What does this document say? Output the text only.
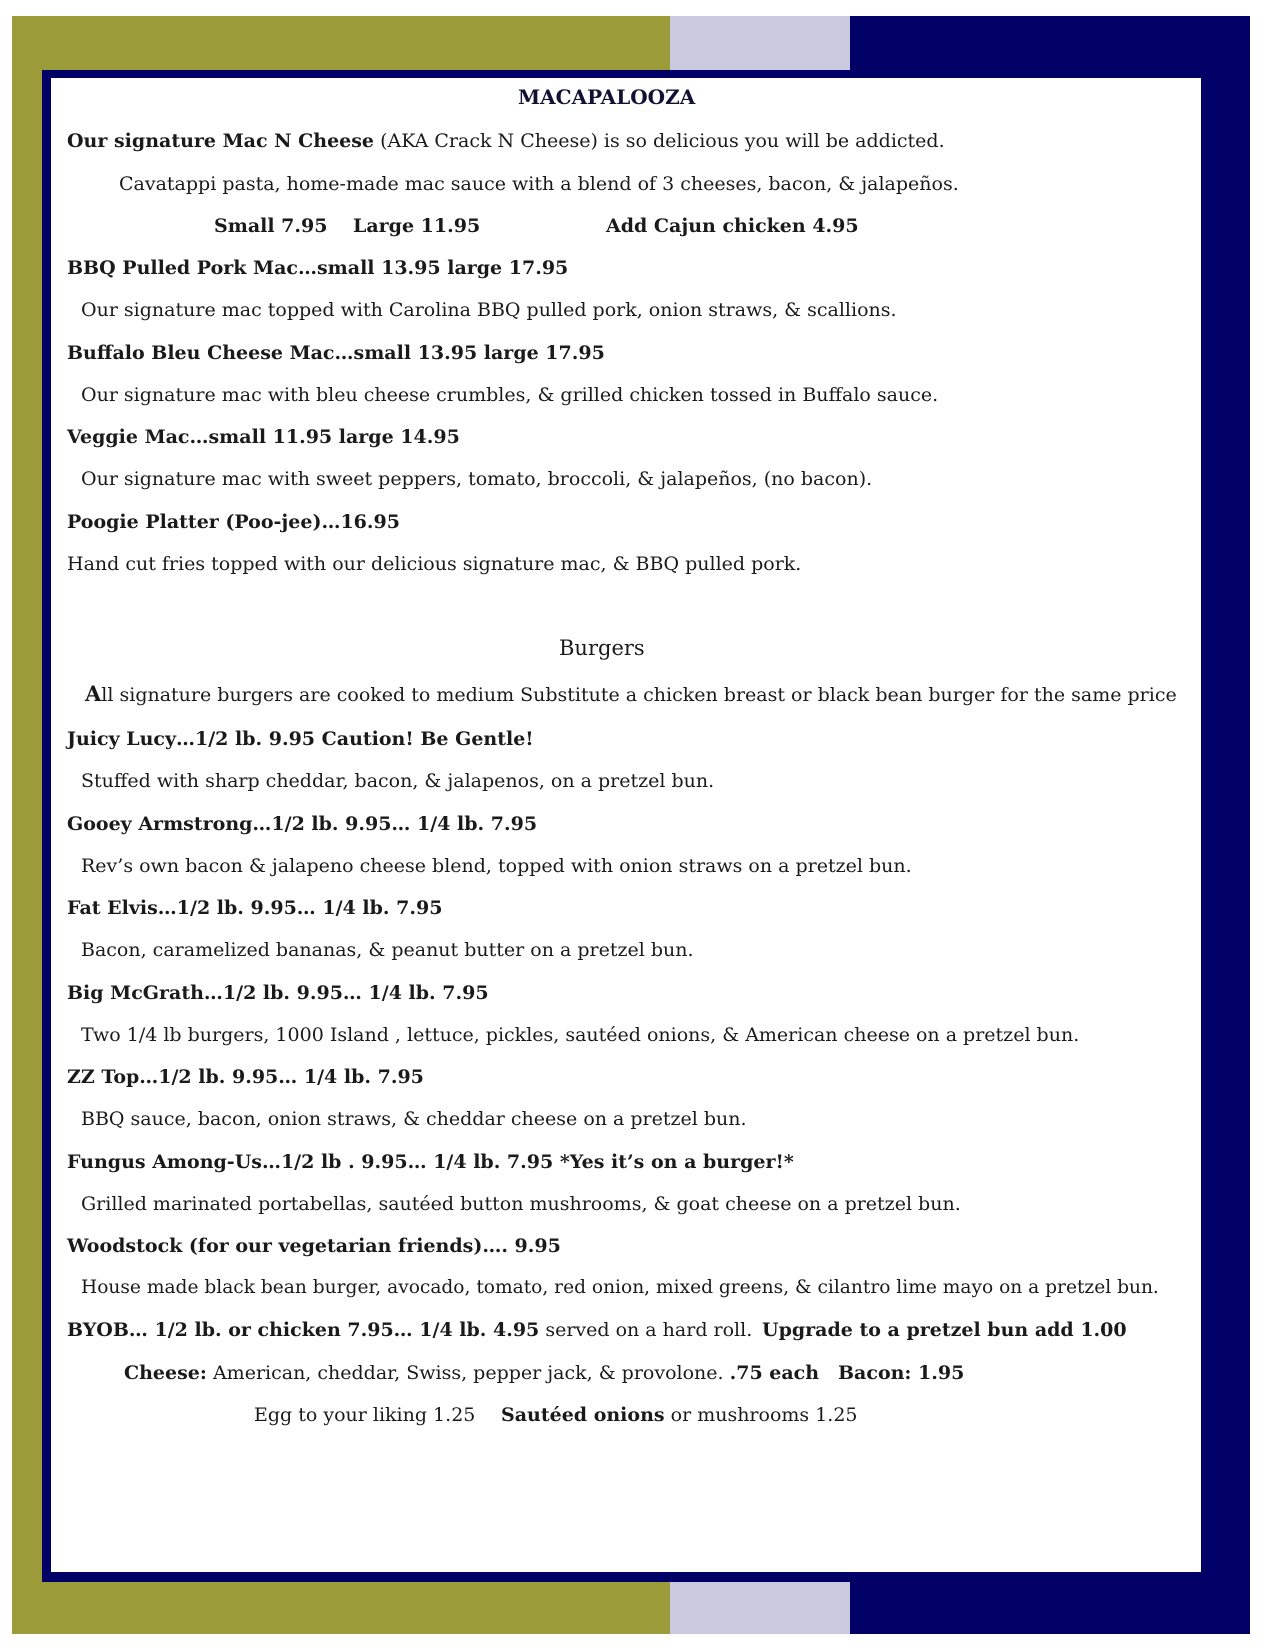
MACAPALOOZA
Our signature Mac N Cheese (AKA Crack N Cheese) is so delicious you will be addicted.
Cavatappi pasta, home-made mac sauce with a blend of 3 cheeses, bacon, & jalapeños.
Small 7.95 Large 11.95	Add Cajun chicken 4.95
BBQ Pulled Pork Mac…small 13.95 large 17.95
Our signature mac topped with Carolina BBQ pulled pork, onion straws, & scallions.
Buffalo Bleu Cheese Mac…small 13.95 large 17.95
Our signature mac with bleu cheese crumbles, & grilled chicken tossed in Buffalo sauce.
Veggie Mac…small 11.95 large 14.95
Our signature mac with sweet peppers, tomato, broccoli, & jalapeños, (no bacon).
Poogie Platter (Poo-jee)…16.95
Hand cut fries topped with our delicious signature mac, & BBQ pulled pork.
Burgers
All signature burgers are cooked to medium Substitute a chicken breast or black bean burger for the same price
Juicy Lucy…1/2 lb. 9.95 Caution! Be Gentle!
Stuffed with sharp cheddar, bacon, & jalapenos, on a pretzel bun.
Gooey Armstrong…1/2 lb. 9.95… 1/4 lb. 7.95
Rev’s own bacon & jalapeno cheese blend, topped with onion straws on a pretzel bun.
Fat Elvis…1/2 lb. 9.95… 1/4 lb. 7.95
Bacon, caramelized bananas, & peanut butter on a pretzel bun.
Big McGrath…1/2 lb. 9.95… 1/4 lb. 7.95
Two 1/4 lb burgers, 1000 Island , lettuce, pickles, sautéed onions, & American cheese on a pretzel bun.
ZZ Top…1/2 lb. 9.95… 1/4 lb. 7.95
BBQ sauce, bacon, onion straws, & cheddar cheese on a pretzel bun.
Fungus Among-Us…1/2 lb . 9.95… 1/4 lb. 7.95 *Yes it’s on a burger!*
Grilled marinated portabellas, sautéed button mushrooms, & goat cheese on a pretzel bun.
Woodstock (for our vegetarian friends)…. 9.95
House made black bean burger, avocado, tomato, red onion, mixed greens, & cilantro lime mayo on a pretzel bun.
BYOB… 1/2 lb. or chicken 7.95… 1/4 lb. 4.95 served on a hard roll. Upgrade to a pretzel bun add 1.00
Cheese: American, cheddar, Swiss, pepper jack, & provolone. .75 each Bacon: 1.95
Egg to your liking 1.25 Sautéed onions or mushrooms 1.25
